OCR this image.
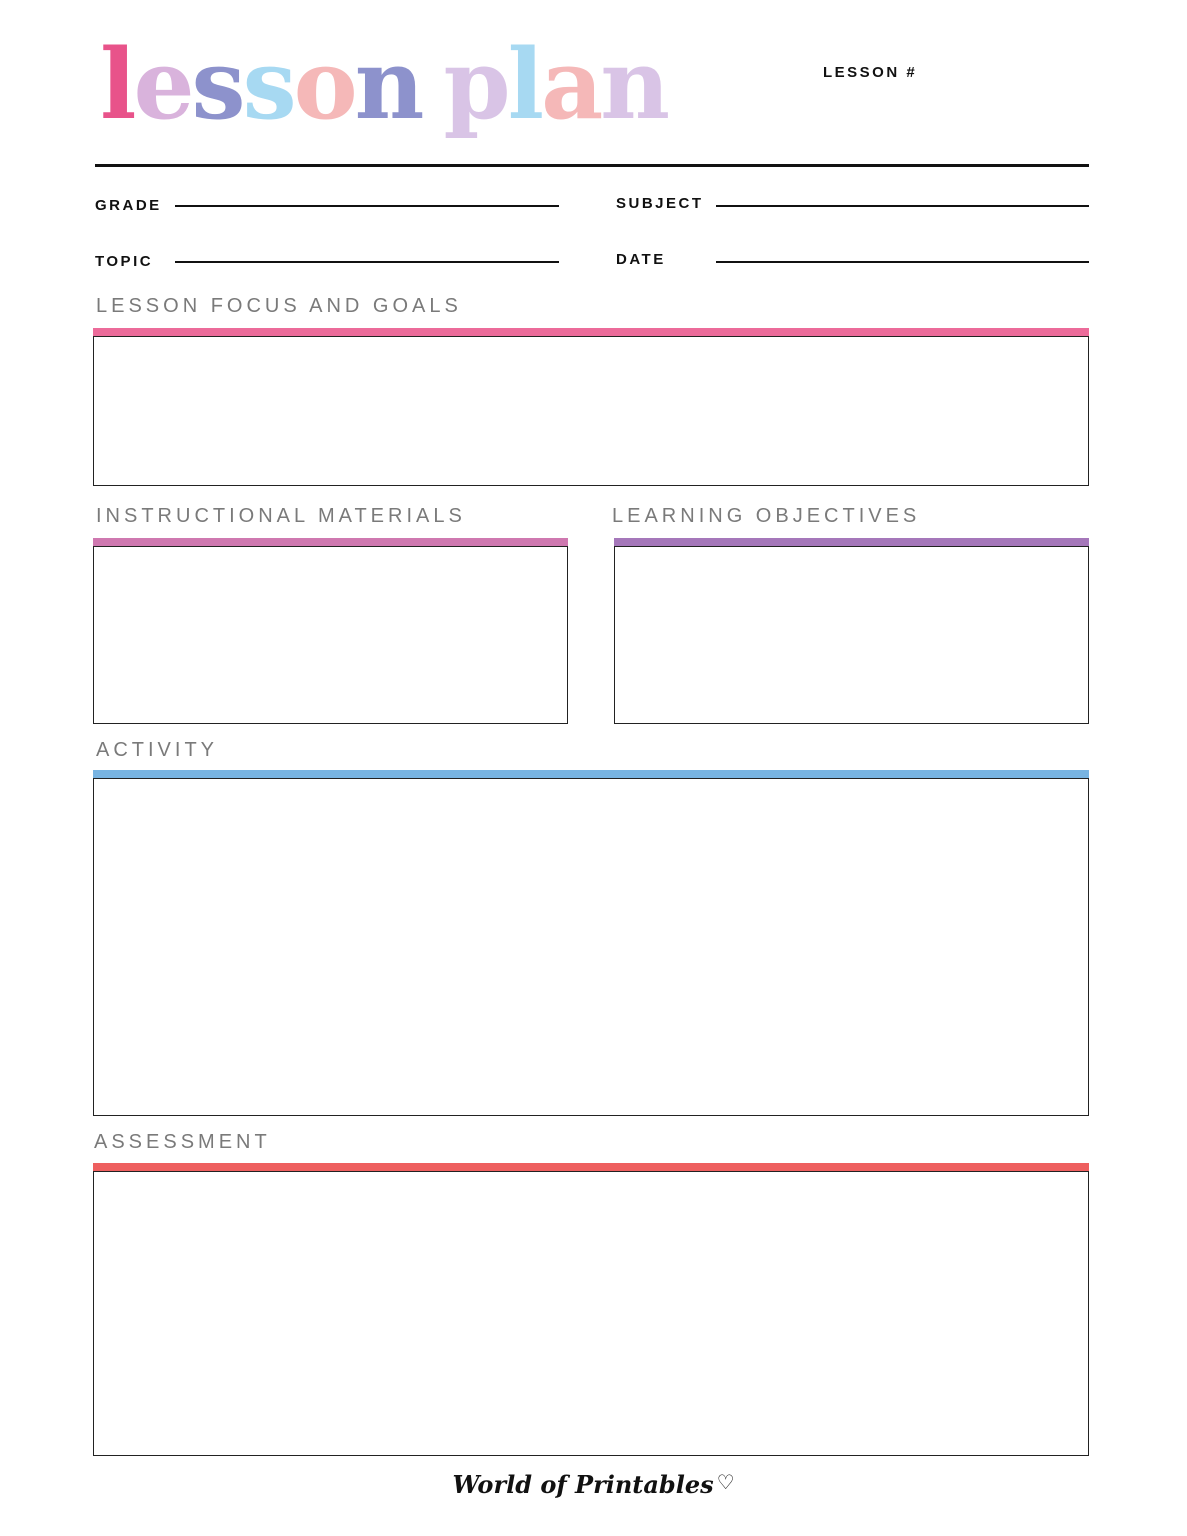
lesson plan	LESSON #
GRADE	SUBJECT
TOPIC	DATE
LESSON FOCUS AND GOALS
INSTRUCTIONAL MATERIALS	LEARNING OBJECTIVES
ACTIVITY
ASSESSMENT
World of Printables ♡
